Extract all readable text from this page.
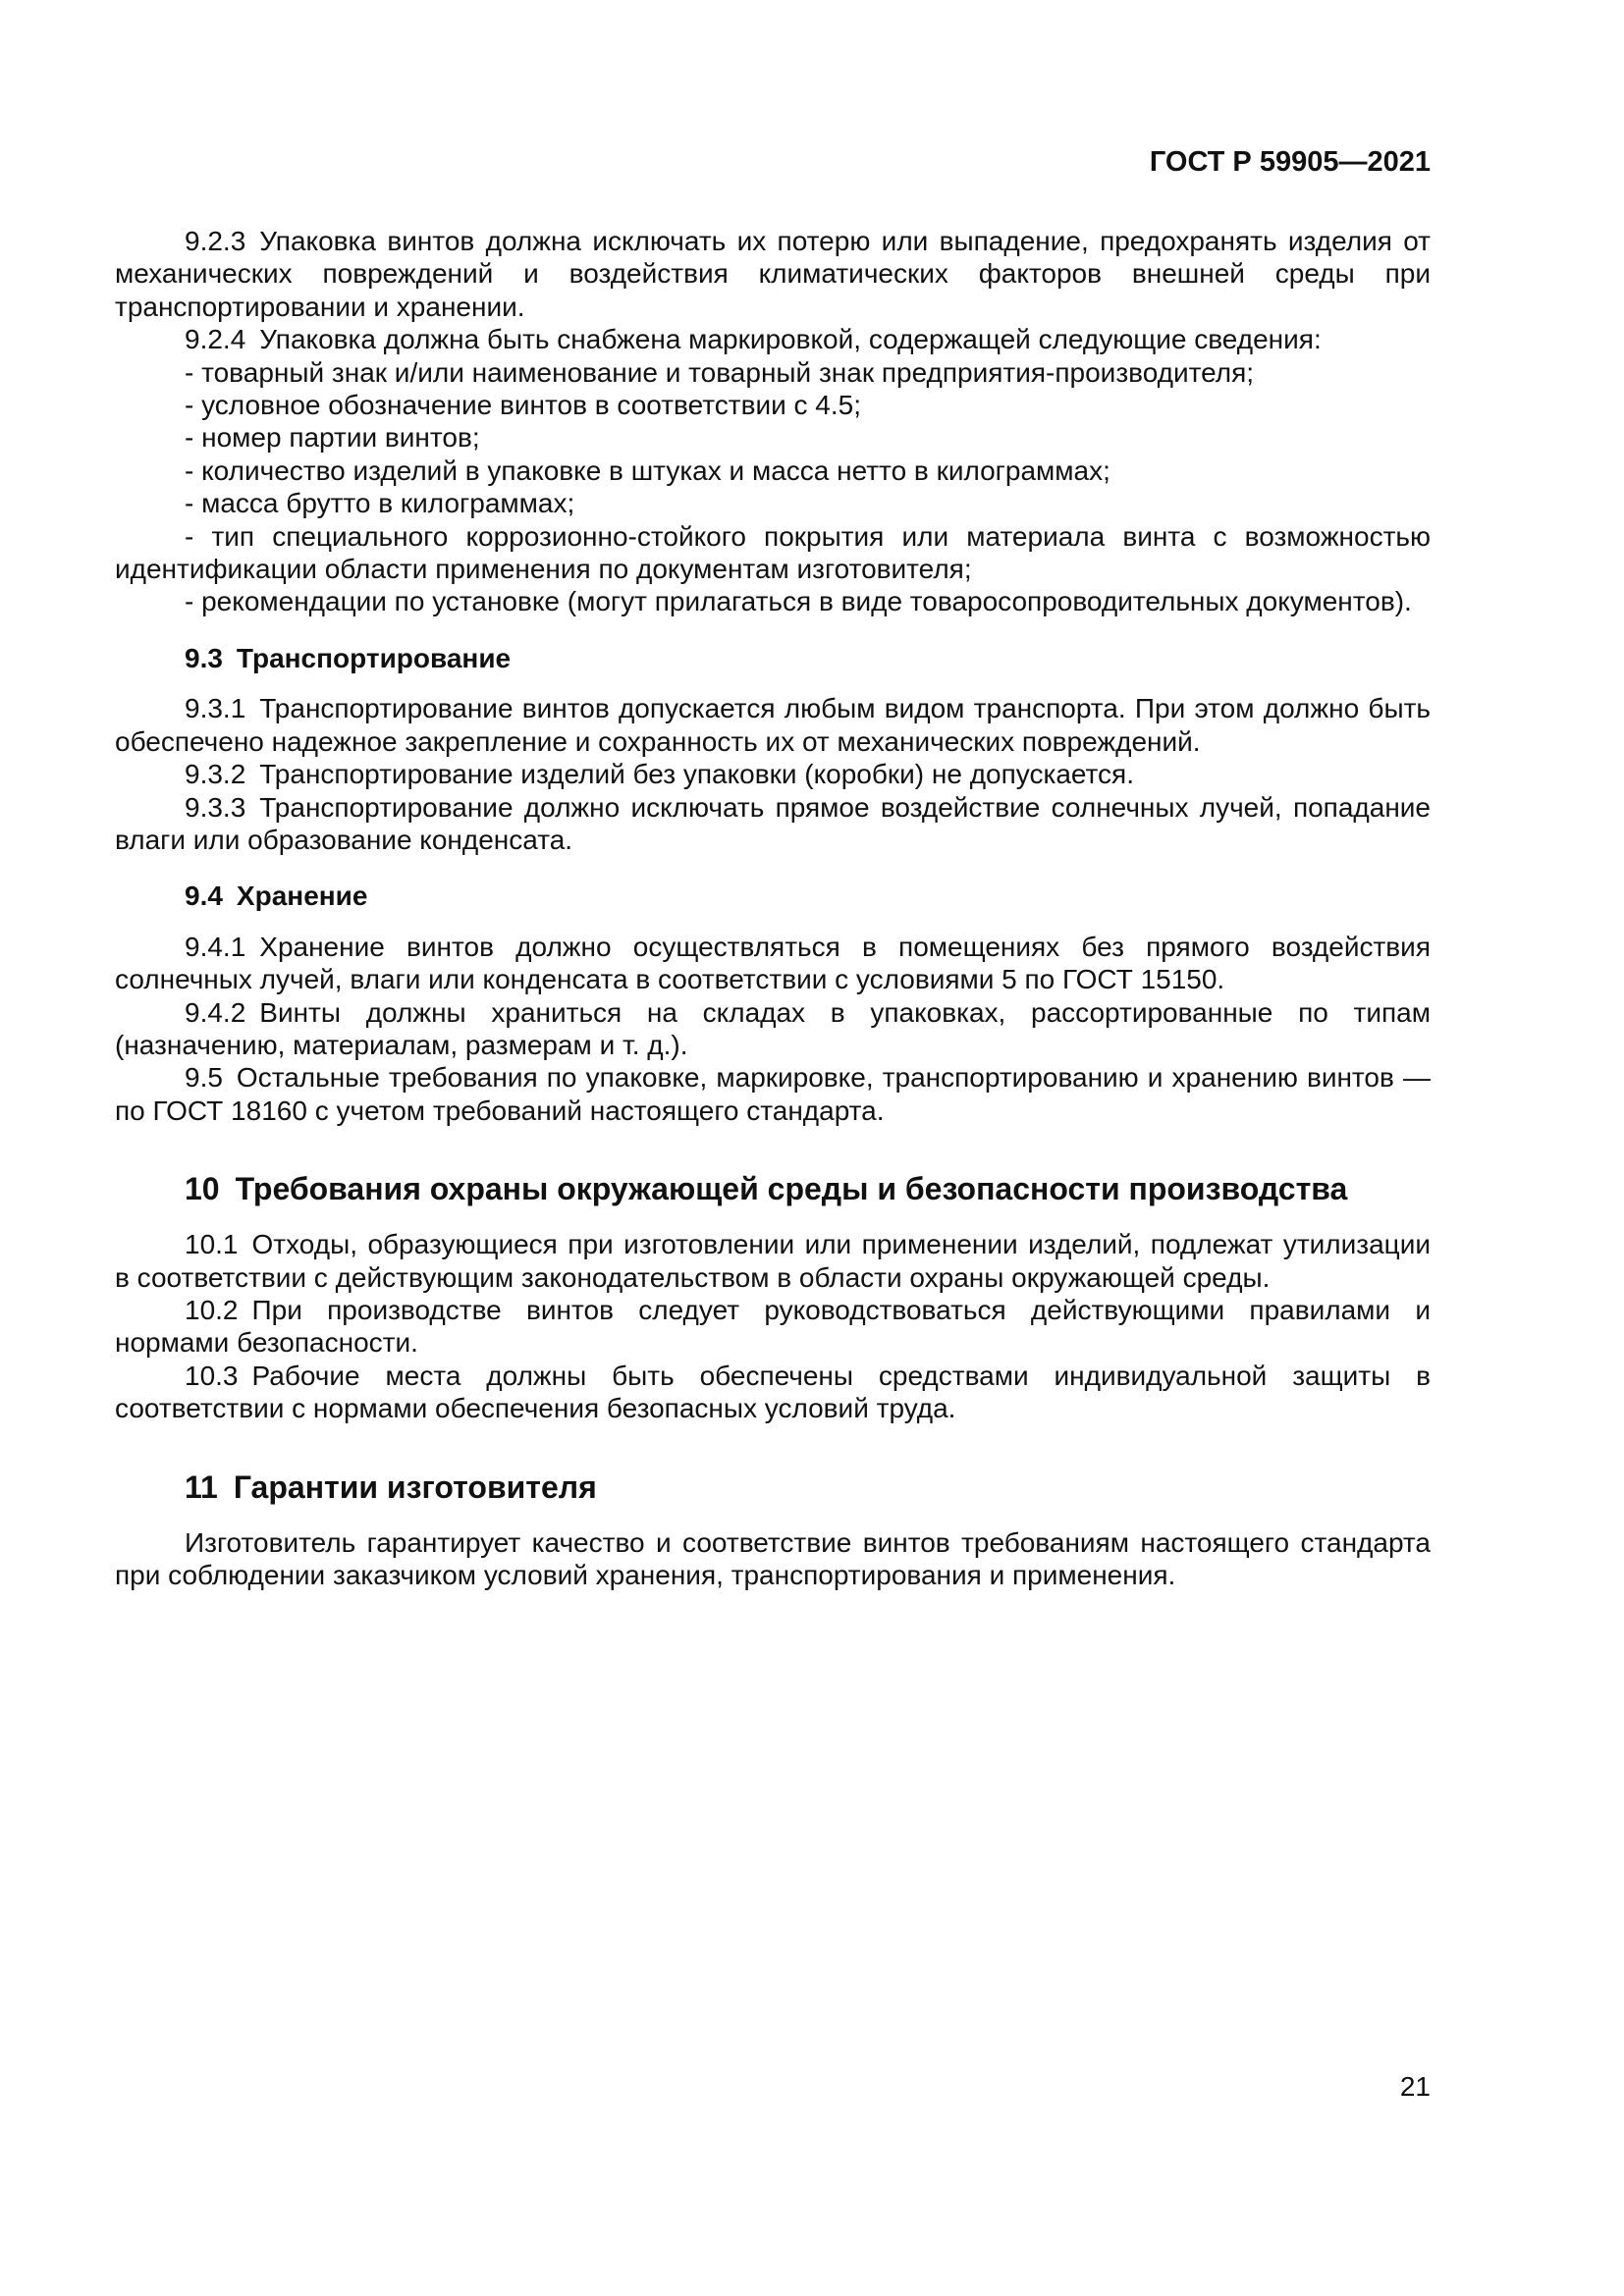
ГОСТ Р 59905—2021

9.2.3 Упаковка винтов должна исключать их потерю или выпадение, предохранять изделия от механических повреждений и воздействия климатических факторов внешней среды при транспортировании и хранении.

9.2.4 Упаковка должна быть снабжена маркировкой, содержащей следующие сведения:

- товарный знак и/или наименование и товарный знак предприятия-производителя;

- условное обозначение винтов в соответствии с 4.5;

- номер партии винтов;

- количество изделий в упаковке в штуках и масса нетто в килограммах;

- масса брутто в килограммах;

- тип специального коррозионно-стойкого покрытия или материала винта с возможностью идентификации области применения по документам изготовителя;

- рекомендации по установке (могут прилагаться в виде товаросопроводительных документов).

9.3 Транспортирование

9.3.1 Транспортирование винтов допускается любым видом транспорта. При этом должно быть обеспечено надежное закрепление и сохранность их от механических повреждений.

9.3.2 Транспортирование изделий без упаковки (коробки) не допускается.

9.3.3 Транспортирование должно исключать прямое воздействие солнечных лучей, попадание влаги или образование конденсата.

9.4 Хранение

9.4.1 Хранение винтов должно осуществляться в помещениях без прямого воздействия солнечных лучей, влаги или конденсата в соответствии с условиями 5 по ГОСТ 15150.

9.4.2 Винты должны храниться на складах в упаковках, рассортированные по типам (назначению, материалам, размерам и т. д.).

9.5 Остальные требования по упаковке, маркировке, транспортированию и хранению винтов — по ГОСТ 18160 с учетом требований настоящего стандарта.

10 Требования охраны окружающей среды и безопасности производства

10.1 Отходы, образующиеся при изготовлении или применении изделий, подлежат утилизации в соответствии с действующим законодательством в области охраны окружающей среды.

10.2 При производстве винтов следует руководствоваться действующими правилами и нормами безопасности.

10.3 Рабочие места должны быть обеспечены средствами индивидуальной защиты в соответствии с нормами обеспечения безопасных условий труда.

11 Гарантии изготовителя

Изготовитель гарантирует качество и соответствие винтов требованиям настоящего стандарта при соблюдении заказчиком условий хранения, транспортирования и применения.

21
